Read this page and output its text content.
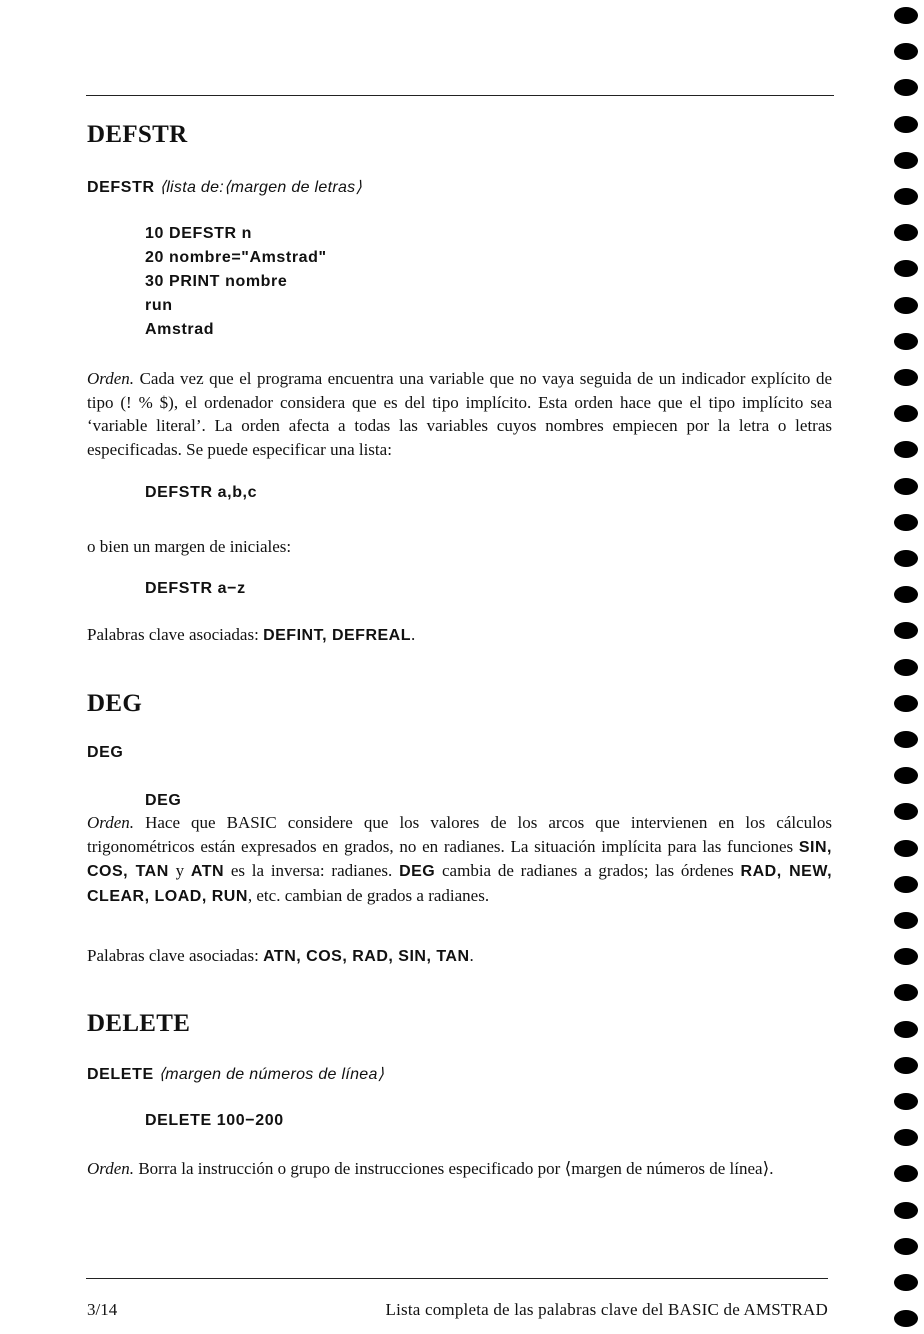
DEFSTR

DEFSTR ⟨lista de:⟨margen de letras⟩

10 DEFSTR n
20 nombre="Amstrad"
30 PRINT nombre
run
Amstrad

Orden. Cada vez que el programa encuentra una variable que no vaya seguida de un indicador explícito de tipo (! % $), el ordenador considera que es del tipo implícito. Esta orden hace que el tipo implícito sea ‘variable literal’. La orden afecta a todas las variables cuyos nombres empiecen por la letra o letras especificadas. Se puede especificar una lista:

DEFSTR a,b,c

o bien un margen de iniciales:

DEFSTR a−z

Palabras clave asociadas: DEFINT, DEFREAL.

DEG

DEG

DEG

Orden. Hace que BASIC considere que los valores de los arcos que intervienen en los cálculos trigonométricos están expresados en grados, no en radianes. La situación implícita para las funciones SIN, COS, TAN y ATN es la inversa: radianes. DEG cambia de radianes a grados; las órdenes RAD, NEW, CLEAR, LOAD, RUN, etc. cambian de grados a radianes.

Palabras clave asociadas: ATN, COS, RAD, SIN, TAN.

DELETE

DELETE ⟨margen de números de línea⟩

DELETE 100−200

Orden. Borra la instrucción o grupo de instrucciones especificado por ⟨margen de números de línea⟩.

3/14	Lista completa de las palabras clave del BASIC de AMSTRAD
